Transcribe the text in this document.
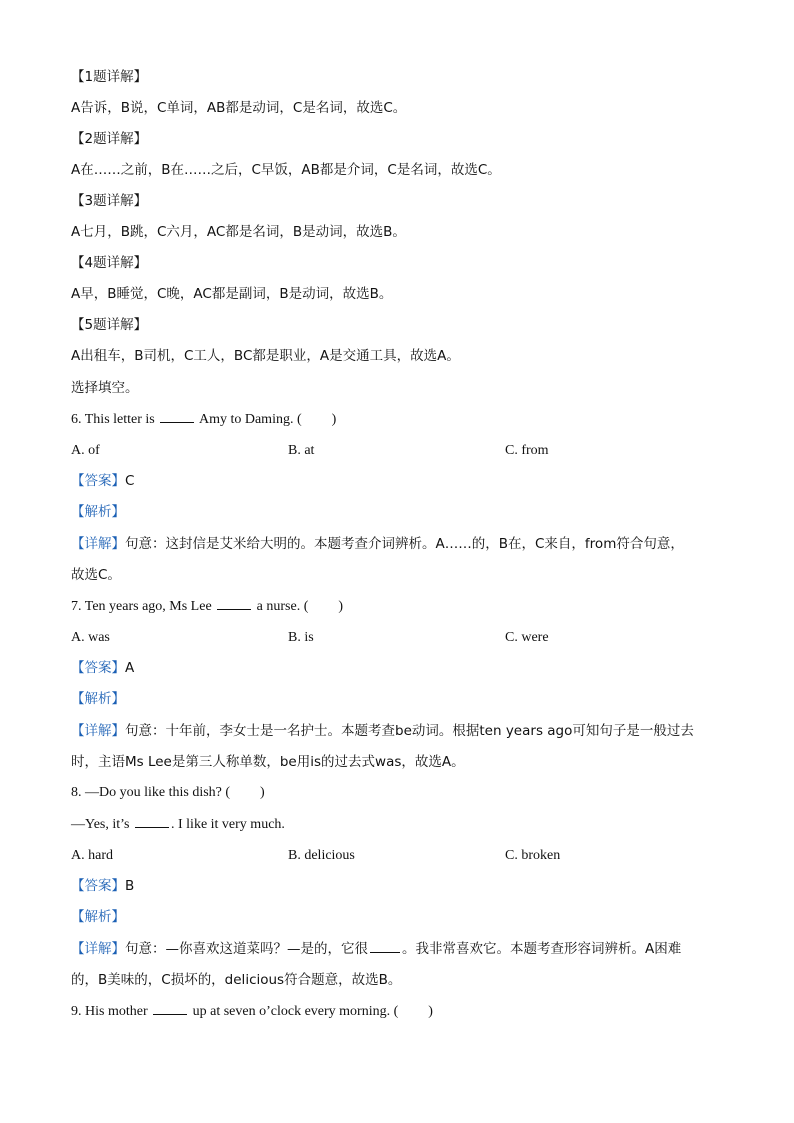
【1题详解】
A告诉，B说，C单词，AB都是动词，C是名词，故选C。
【2题详解】
A在……之前，B在……之后，C早饭，AB都是介词，C是名词，故选C。
【3题详解】
A七月，B跳，C六月，AC都是名词，B是动词，故选B。
【4题详解】
A早，B睡觉，C晚，AC都是副词，B是动词，故选B。
【5题详解】
A出租车，B司机，C工人，BC都是职业，A是交通工具，故选A。
选择填空。
6. This letter is	Amy to Daming. ( )
A. of	B. at	C. from
【答案】C
【解析】
【详解】句意：这封信是艾米给大明的。本题考查介词辨析。A……的，B在，C来自，from符合句意，
故选C。
7. Ten years ago, Ms Lee	a nurse. ( )
A. was	B. is	C. were
【答案】A
【解析】
【详解】句意：十年前，李女士是一名护士。本题考查be动词。根据ten years ago可知句子是一般过去
时，主语Ms Lee是第三人称单数，be用is的过去式was，故选A。
8. —Do you like this dish? ( )
—Yes, it’s	. I like it very much.
A. hard	B. delicious	C. broken
【答案】B
【解析】
【详解】句意：—你喜欢这道菜吗？—是的，它很	。我非常喜欢它。本题考查形容词辨析。A困难
的，B美味的，C损坏的，delicious符合题意，故选B。
9. His mother	up at seven o’clock every morning. ( )
